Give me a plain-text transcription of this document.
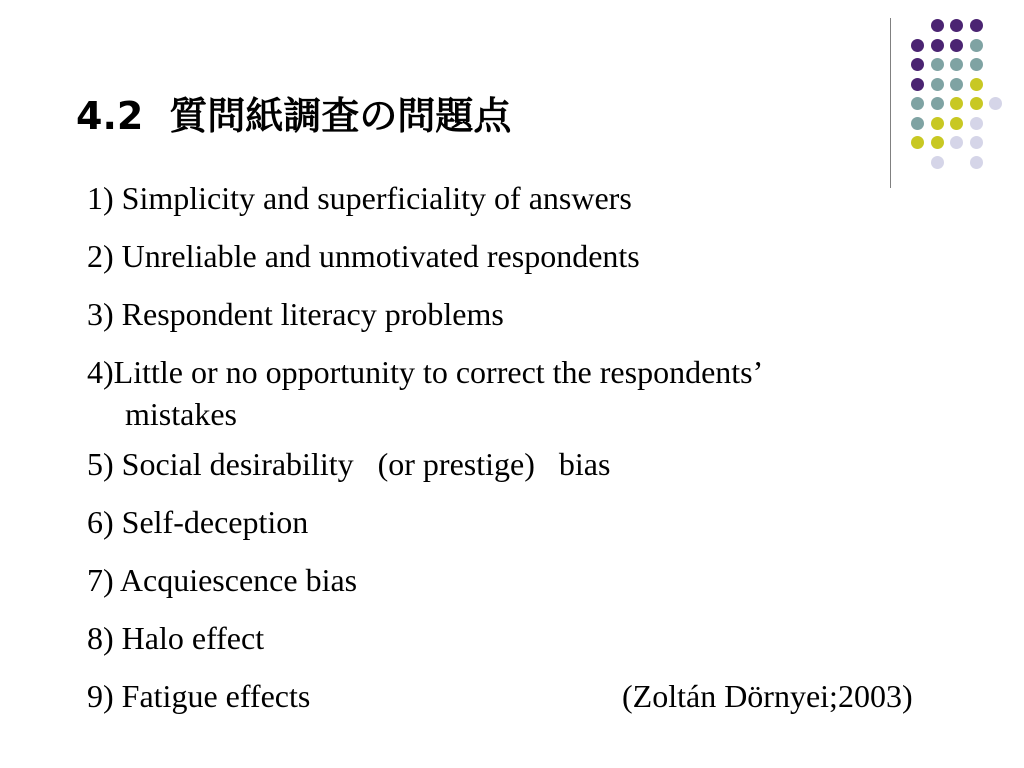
4.2 質問紙調査の問題点
1) Simplicity and superficiality of answers
2) Unreliable and unmotivated respondents
3) Respondent literacy problems
4)Little or no opportunity to correct the respondents’
mistakes
5) Social desirability   (or prestige)   bias
6) Self-deception
7) Acquiescence bias
8) Halo effect
9) Fatigue effects	(Zoltán Dörnyei;2003)
